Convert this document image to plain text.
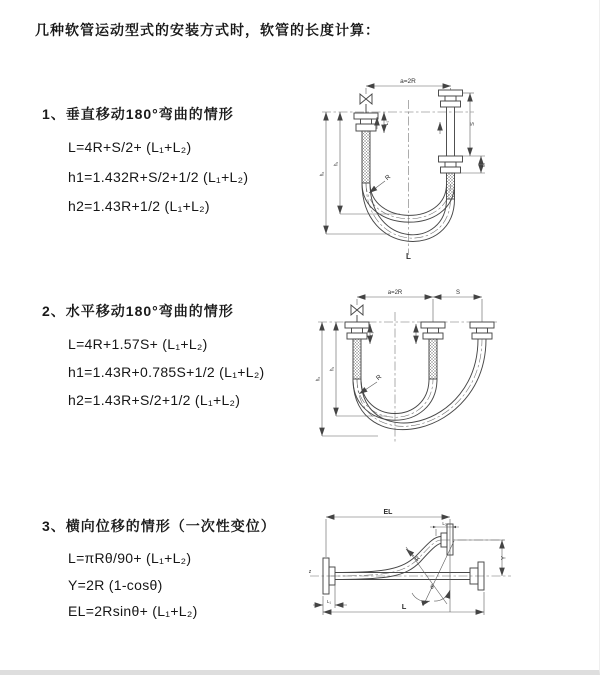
几种软管运动型式的安装方式时，软管的长度计算：
1、垂直移动180°弯曲的情形

L=4R+S/2+ (L₁+L₂)

h1=1.432R+S/2+1/2 (L₁+L₂)

h2=1.43R+1/2 (L₁+L₂)

a=2R
L₁	S
L₂
h₁
h₂	R
L
2、水平移动180°弯曲的情形

L=4R+1.57S+ (L₁+L₂)

h1=1.43R+0.785S+1/2 (L₁+L₂)

h2=1.43R+S/2+1/2 (L₁+L₂)

a=2R	S
L₁
h₁
h₂	R
3、横向位移的情形（一次性变位）

L=πRθ/90+ (L₁+L₂)

Y=2R (1-cosθ)

EL=2Rsinθ+ (L₁+L₂)

EL
L₂
Y
L
L₁
R
θ
z
